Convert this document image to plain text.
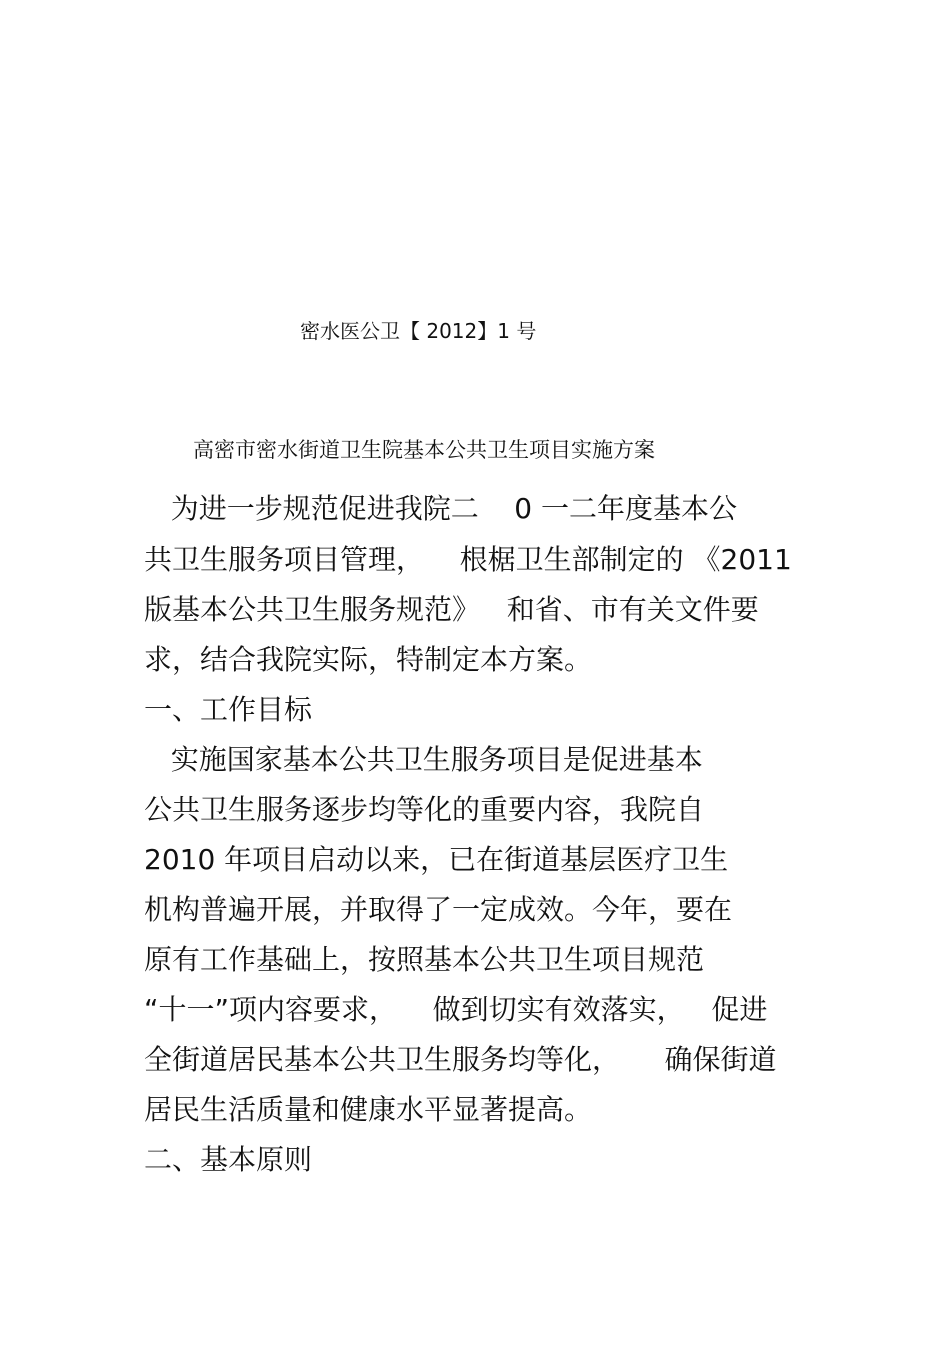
密水医公卫【 2012】1 号
高密市密水街道卫生院基本公共卫生项目实施方案
为进一步规范促进我院二    0 一二年度基本公
共卫生服务项目管理，    根椐卫生部制定的 《2011
版基本公共卫生服务规范》   和省、市有关文件要
求，结合我院实际，特制定本方案。
一、工作目标
实施国家基本公共卫生服务项目是促进基本
公共卫生服务逐步均等化的重要内容，我院自
2010 年项目启动以来，已在街道基层医疗卫生
机构普遍开展，并取得了一定成效。今年，要在
原有工作基础上，按照基本公共卫生项目规范
“十一”项内容要求，    做到切实有效落实，   促进
全街道居民基本公共卫生服务均等化，     确保街道
居民生活质量和健康水平显著提高。
二、基本原则
